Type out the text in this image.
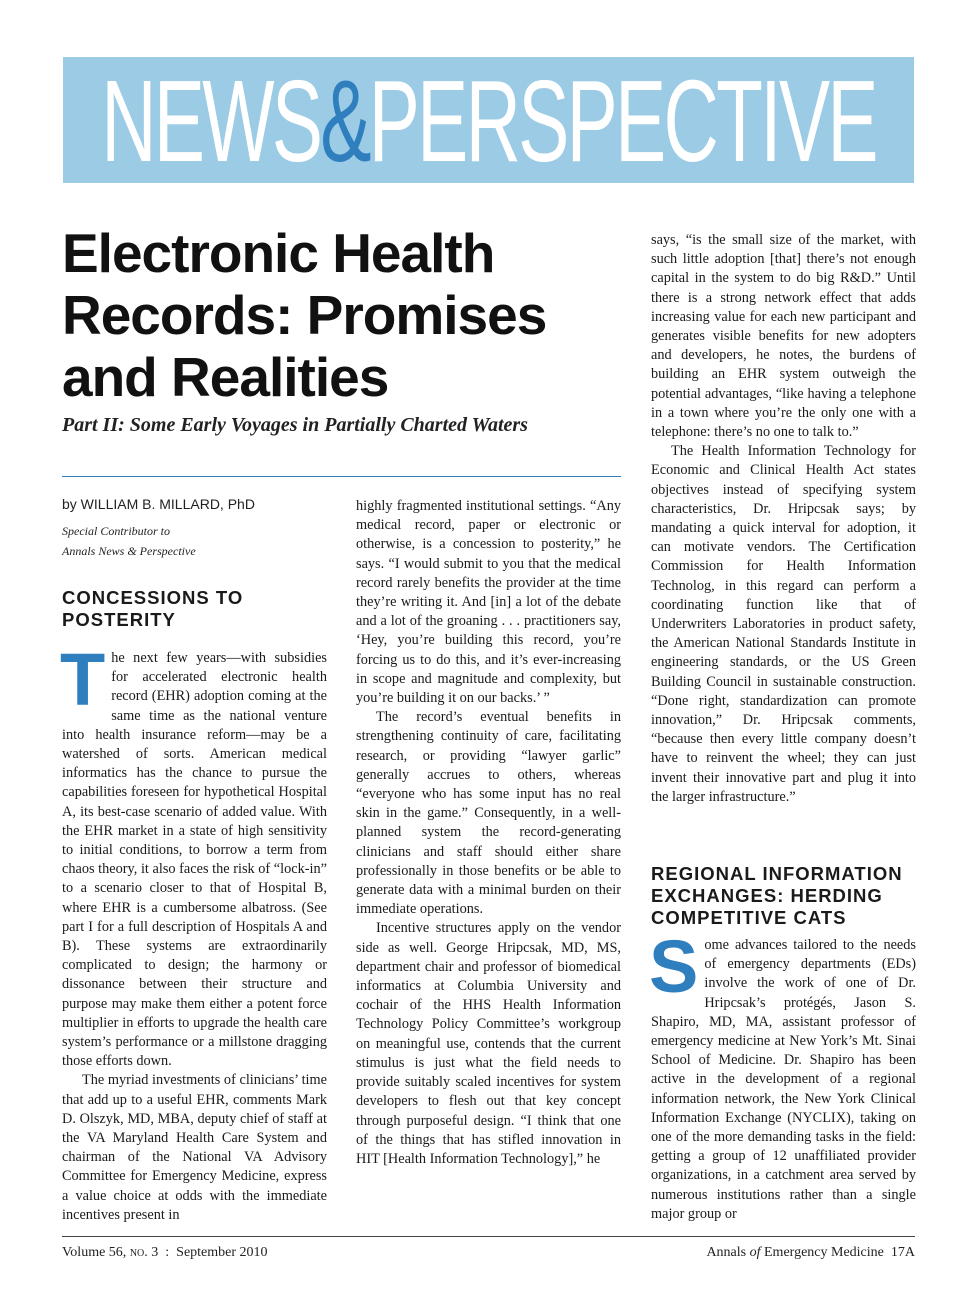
NEWS & PERSPECTIVE
Electronic Health Records: Promises and Realities
Part II: Some Early Voyages in Partially Charted Waters
by WILLIAM B. MILLARD, PhD
Special Contributor to
Annals News & Perspective
CONCESSIONS TO POSTERITY

The next few years—with subsidies for accelerated electronic health record (EHR) adoption coming at the same time as the national venture into health insurance reform—may be a watershed of sorts. American medical informatics has the chance to pursue the capabilities foreseen for hypothetical Hospital A, its best-case scenario of added value. With the EHR market in a state of high sensitivity to initial conditions, to borrow a term from chaos theory, it also faces the risk of “lock-in” to a scenario closer to that of Hospital B, where EHR is a cumbersome albatross. (See part I for a full description of Hospitals A and B). These systems are extraordinarily complicated to design; the harmony or dissonance between their structure and purpose may make them either a potent force multiplier in efforts to upgrade the health care system’s performance or a millstone dragging those efforts down.

The myriad investments of clinicians’ time that add up to a useful EHR, comments Mark D. Olszyk, MD, MBA, deputy chief of staff at the VA Maryland Health Care System and chairman of the National VA Advisory Committee for Emergency Medicine, express a value choice at odds with the immediate incentives present in

highly fragmented institutional settings. “Any medical record, paper or electronic or otherwise, is a concession to posterity,” he says. “I would submit to you that the medical record rarely benefits the provider at the time they’re writing it. And [in] a lot of the debate and a lot of the groaning . . . practitioners say, ‘Hey, you’re building this record, you’re forcing us to do this, and it’s ever-increasing in scope and magnitude and complexity, but you’re building it on our backs.’ ”

The record’s eventual benefits in strengthening continuity of care, facilitating research, or providing “lawyer garlic” generally accrues to others, whereas “everyone who has some input has no real skin in the game.” Consequently, in a well-planned system the record-generating clinicians and staff should either share professionally in those benefits or be able to generate data with a minimal burden on their immediate operations.

Incentive structures apply on the vendor side as well. George Hripcsak, MD, MS, department chair and professor of biomedical informatics at Columbia University and cochair of the HHS Health Information Technology Policy Committee’s workgroup on meaningful use, contends that the current stimulus is just what the field needs to provide suitably scaled incentives for system developers to flesh out that key concept through purposeful design. “I think that one of the things that has stifled innovation in HIT [Health Information Technology],” he

says, “is the small size of the market, with such little adoption [that] there’s not enough capital in the system to do big R&D.” Until there is a strong network effect that adds increasing value for each new participant and generates visible benefits for new adopters and developers, he notes, the burdens of building an EHR system outweigh the potential advantages, “like having a telephone in a town where you’re the only one with a telephone: there’s no one to talk to.”

The Health Information Technology for Economic and Clinical Health Act states objectives instead of specifying system characteristics, Dr. Hripcsak says; by mandating a quick interval for adoption, it can motivate vendors. The Certification Commission for Health Information Technolog, in this regard can perform a coordinating function like that of Underwriters Laboratories in product safety, the American National Standards Institute in engineering standards, or the US Green Building Council in sustainable construction. “Done right, standardization can promote innovation,” Dr. Hripcsak comments, “because then every little company doesn’t have to reinvent the wheel; they can just invent their innovative part and plug it into the larger infrastructure.”

REGIONAL INFORMATION EXCHANGES: HERDING COMPETITIVE CATS

Some advances tailored to the needs of emergency departments (EDs) involve the work of one of Dr. Hripcsak’s protégés, Jason S. Shapiro, MD, MA, assistant professor of emergency medicine at New York’s Mt. Sinai School of Medicine. Dr. Shapiro has been active in the development of a regional information network, the New York Clinical Information Exchange (NYCLIX), taking on one of the more demanding tasks in the field: getting a group of 12 unaffiliated provider organizations, in a catchment area served by numerous institutions rather than a single major group or

Volume 56, no. 3 : September 2010	Annals of Emergency Medicine 17A
